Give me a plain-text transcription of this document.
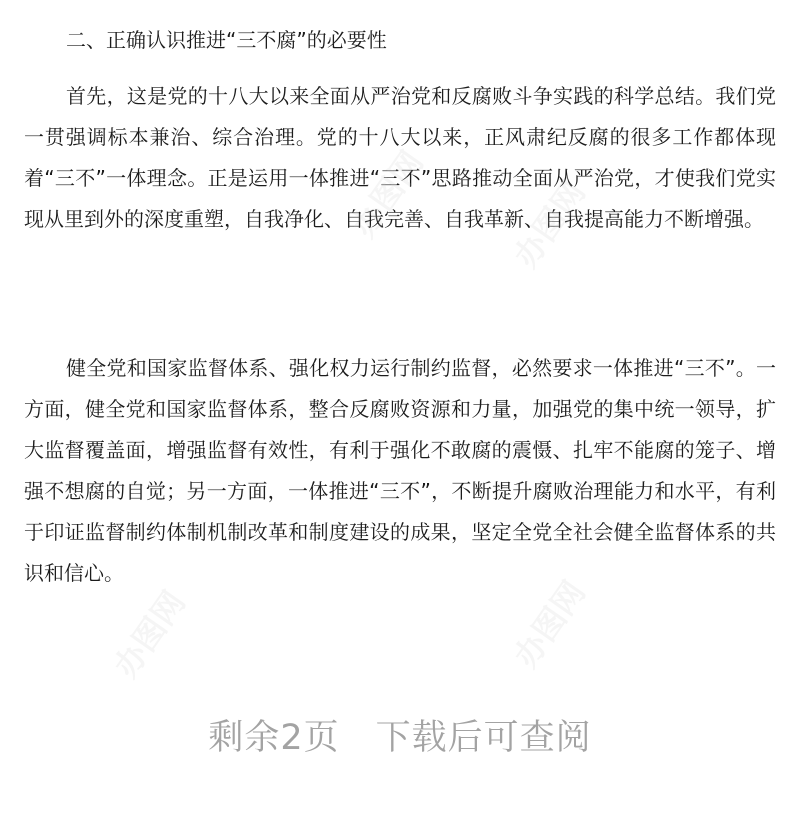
二、正确认识推进“三不腐”的必要性

首先，这是党的十八大以来全面从严治党和反腐败斗争实践的科学总结。我们党一贯强调标本兼治、综合治理。党的十八大以来，正风肃纪反腐的很多工作都体现着“三不”一体理念。正是运用一体推进“三不”思路推动全面从严治党，才使我们党实现从里到外的深度重塑，自我净化、自我完善、自我革新、自我提高能力不断增强。

健全党和国家监督体系、强化权力运行制约监督，必然要求一体推进“三不”。一方面，健全党和国家监督体系，整合反腐败资源和力量，加强党的集中统一领导，扩大监督覆盖面，增强监督有效性，有利于强化不敢腐的震慑、扎牢不能腐的笼子、增强不想腐的自觉；另一方面，一体推进“三不”，不断提升腐败治理能力和水平，有利于印证监督制约体制机制改革和制度建设的成果，坚定全党全社会健全监督体系的共识和信心。

办图网 办图网
办图网	办图网
剩余2页 下载后可查阅
